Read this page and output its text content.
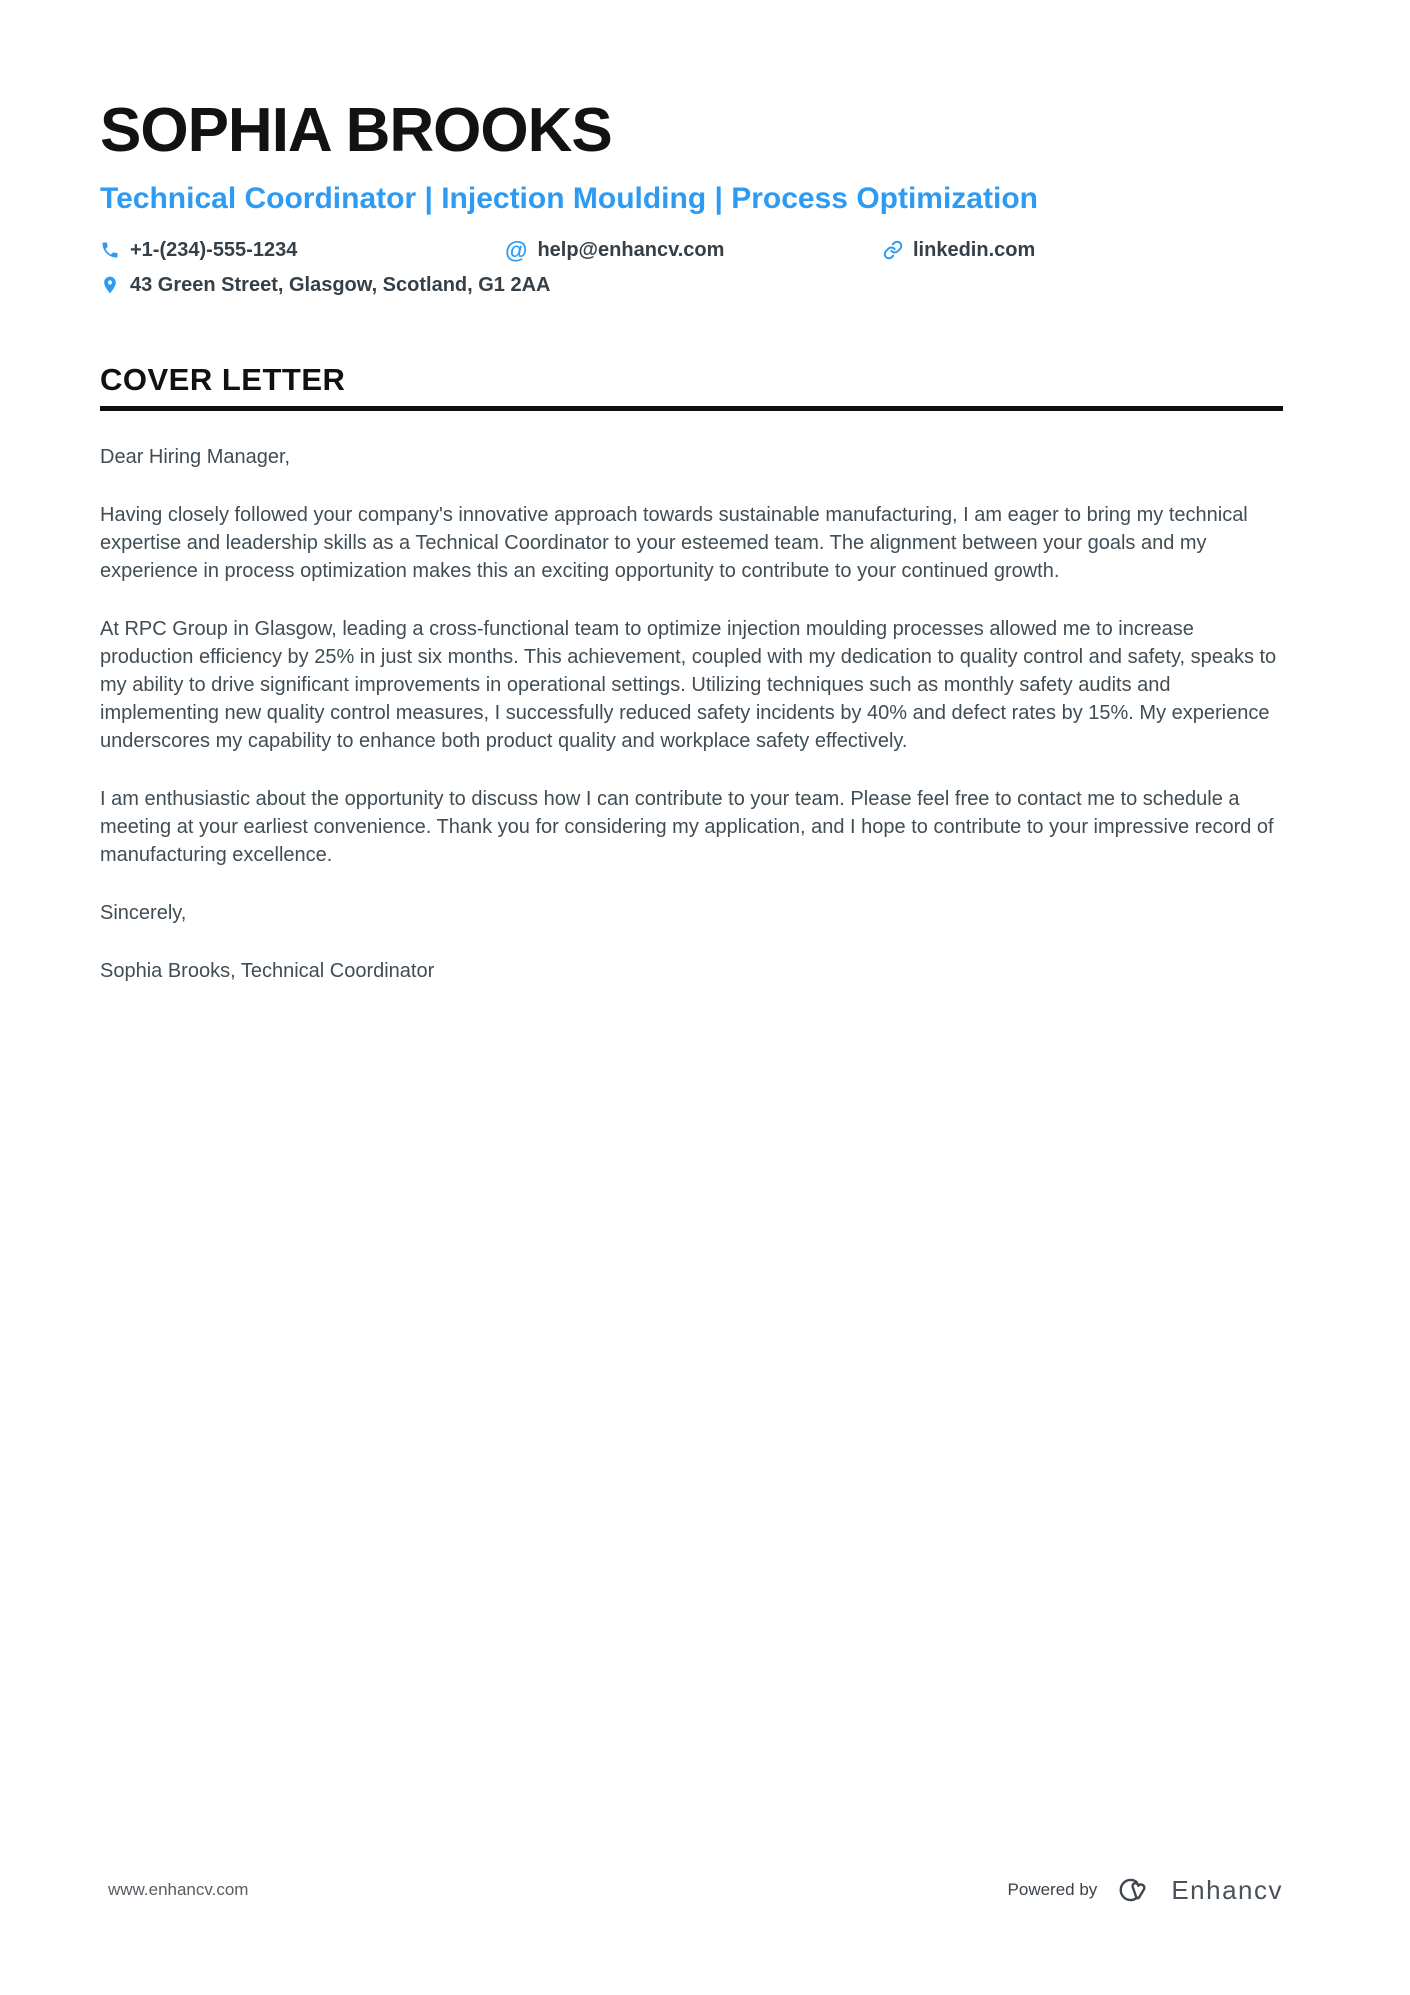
SOPHIA BROOKS
Technical Coordinator | Injection Moulding | Process Optimization
+1-(234)-555-1234	@ help@enhancv.com	linkedin.com
43 Green Street, Glasgow, Scotland, G1 2AA
COVER LETTER

Dear Hiring Manager,

Having closely followed your company's innovative approach towards sustainable manufacturing, I am eager to bring my technical expertise and leadership skills as a Technical Coordinator to your esteemed team. The alignment between your goals and my experience in process optimization makes this an exciting opportunity to contribute to your continued growth.

At RPC Group in Glasgow, leading a cross-functional team to optimize injection moulding processes allowed me to increase production efficiency by 25% in just six months. This achievement, coupled with my dedication to quality control and safety, speaks to my ability to drive significant improvements in operational settings. Utilizing techniques such as monthly safety audits and implementing new quality control measures, I successfully reduced safety incidents by 40% and defect rates by 15%. My experience underscores my capability to enhance both product quality and workplace safety effectively.

I am enthusiastic about the opportunity to discuss how I can contribute to your team. Please feel free to contact me to schedule a meeting at your earliest convenience. Thank you for considering my application, and I hope to contribute to your impressive record of manufacturing excellence.

Sincerely,

Sophia Brooks, Technical Coordinator

www.enhancv.com	Powered by	Enhancv
